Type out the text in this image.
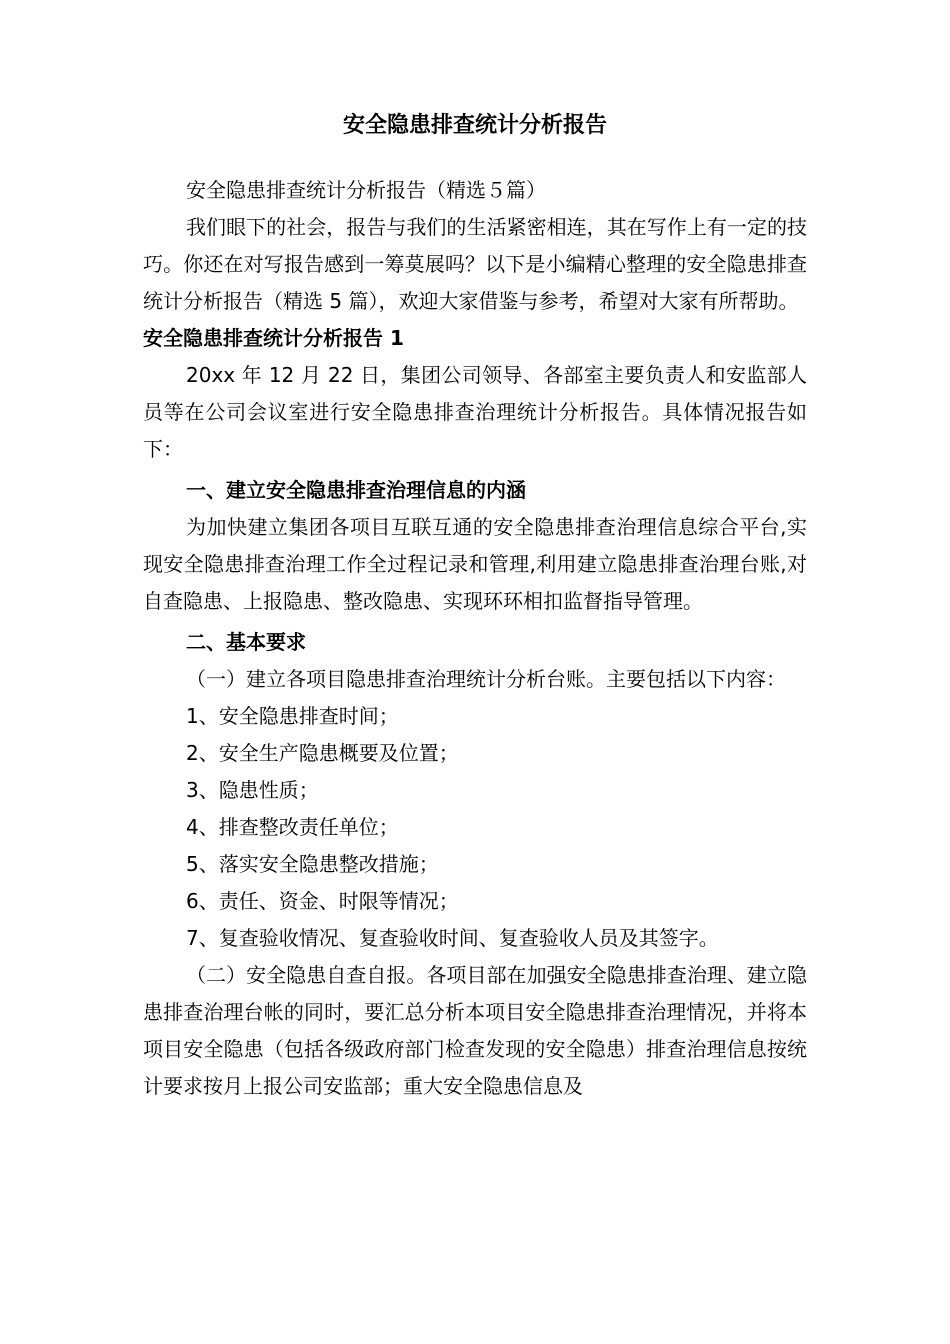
安全隐患排查统计分析报告

安全隐患排查统计分析报告（精选５篇）

我们眼下的社会，报告与我们的生活紧密相连，其在写作上有一定的技巧。你还在对写报告感到一筹莫展吗？以下是小编精心整理的安全隐患排查统计分析报告（精选 5 篇），欢迎大家借鉴与参考，希望对大家有所帮助。

安全隐患排查统计分析报告 1

20xx 年 12 月 22 日，集团公司领导、各部室主要负责人和安监部人员等在公司会议室进行安全隐患排查治理统计分析报告。具体情况报告如下：

一、建立安全隐患排查治理信息的内涵

为加快建立集团各项目互联互通的安全隐患排查治理信息综合平台,实现安全隐患排查治理工作全过程记录和管理,利用建立隐患排查治理台账,对自查隐患、上报隐患、整改隐患、实现环环相扣监督指导管理。

二、基本要求

（一）建立各项目隐患排查治理统计分析台账。主要包括以下内容：

1、安全隐患排查时间；

2、安全生产隐患概要及位置；

3、隐患性质；

4、排查整改责任单位；

5、落实安全隐患整改措施；

6、责任、资金、时限等情况；

7、复查验收情况、复查验收时间、复查验收人员及其签字。

（二）安全隐患自查自报。各项目部在加强安全隐患排查治理、建立隐患排查治理台帐的同时，要汇总分析本项目安全隐患排查治理情况，并将本项目安全隐患（包括各级政府部门检查发现的安全隐患）排查治理信息按统计要求按月上报公司安监部；重大安全隐患信息及
